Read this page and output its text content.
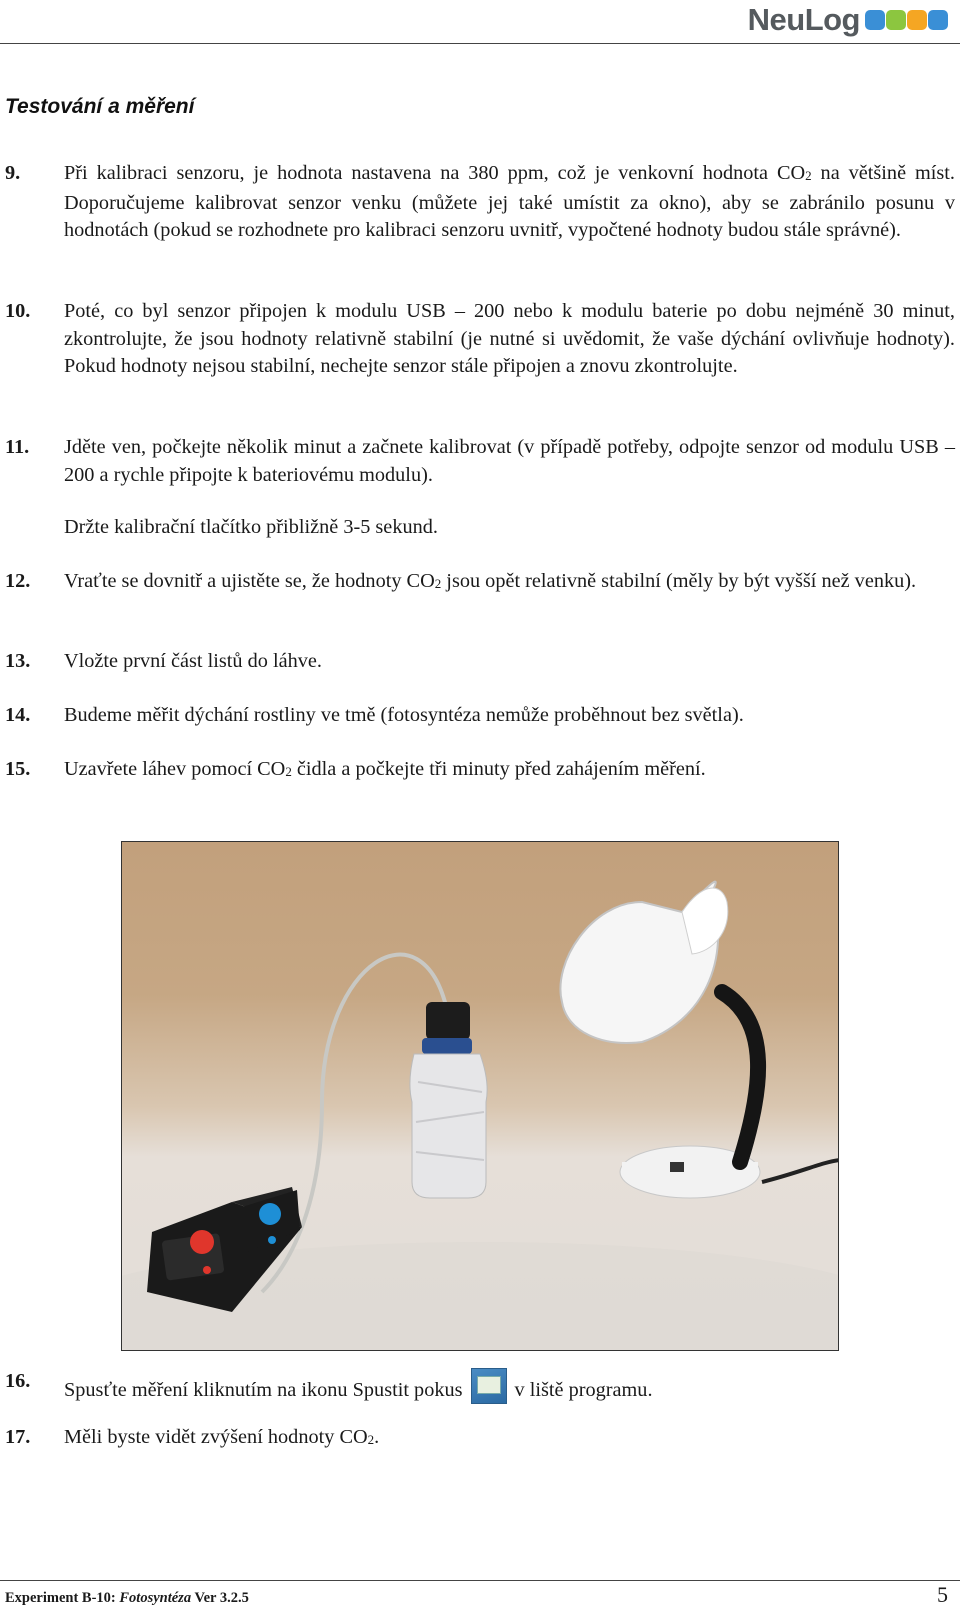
NeuLog
Testování a měření
9. Při kalibraci senzoru, je hodnota nastavena na 380 ppm, což je venkovní hodnota $CO_2$ na většině míst. Doporučujeme kalibrovat senzor venku (můžete jej také umístit za okno), aby se zabránilo posunu v hodnotách (pokud se rozhodnete pro kalibraci senzoru uvnitř, vypočtené hodnoty budou stále správné).
10. Poté, co byl senzor připojen k modulu USB – 200 nebo k modulu baterie po dobu nejméně 30 minut, zkontrolujte, že jsou hodnoty relativně stabilní (je nutné si uvědomit, že vaše dýchání ovlivňuje hodnoty). Pokud hodnoty nejsou stabilní, nechejte senzor stále připojen a znovu zkontrolujte.
11. Jděte ven, počkejte několik minut a začnete kalibrovat (v případě potřeby, odpojte senzor od modulu USB – 200 a rychle připojte k bateriovému modulu).
Držte kalibrační tlačítko přibližně 3-5 sekund.
12. Vraťte se dovnitř a ujistěte se, že hodnoty $CO_2$ jsou opět relativně stabilní (měly by být vyšší než venku).
13. Vložte první část listů do láhve.
14. Budeme měřit dýchání rostliny ve tmě (fotosyntéza nemůže proběhnout bez světla).
15. Uzavřete láhev pomocí $CO_2$ čidla a počkejte tři minuty před zahájením měření.
16. Spusťte měření kliknutím na ikonu Spustit pokus	v liště programu.
17. Měli byste vidět zvýšení hodnoty $CO_2$.
Experiment B-10: Fotosyntéza Ver 3.2.5	5
